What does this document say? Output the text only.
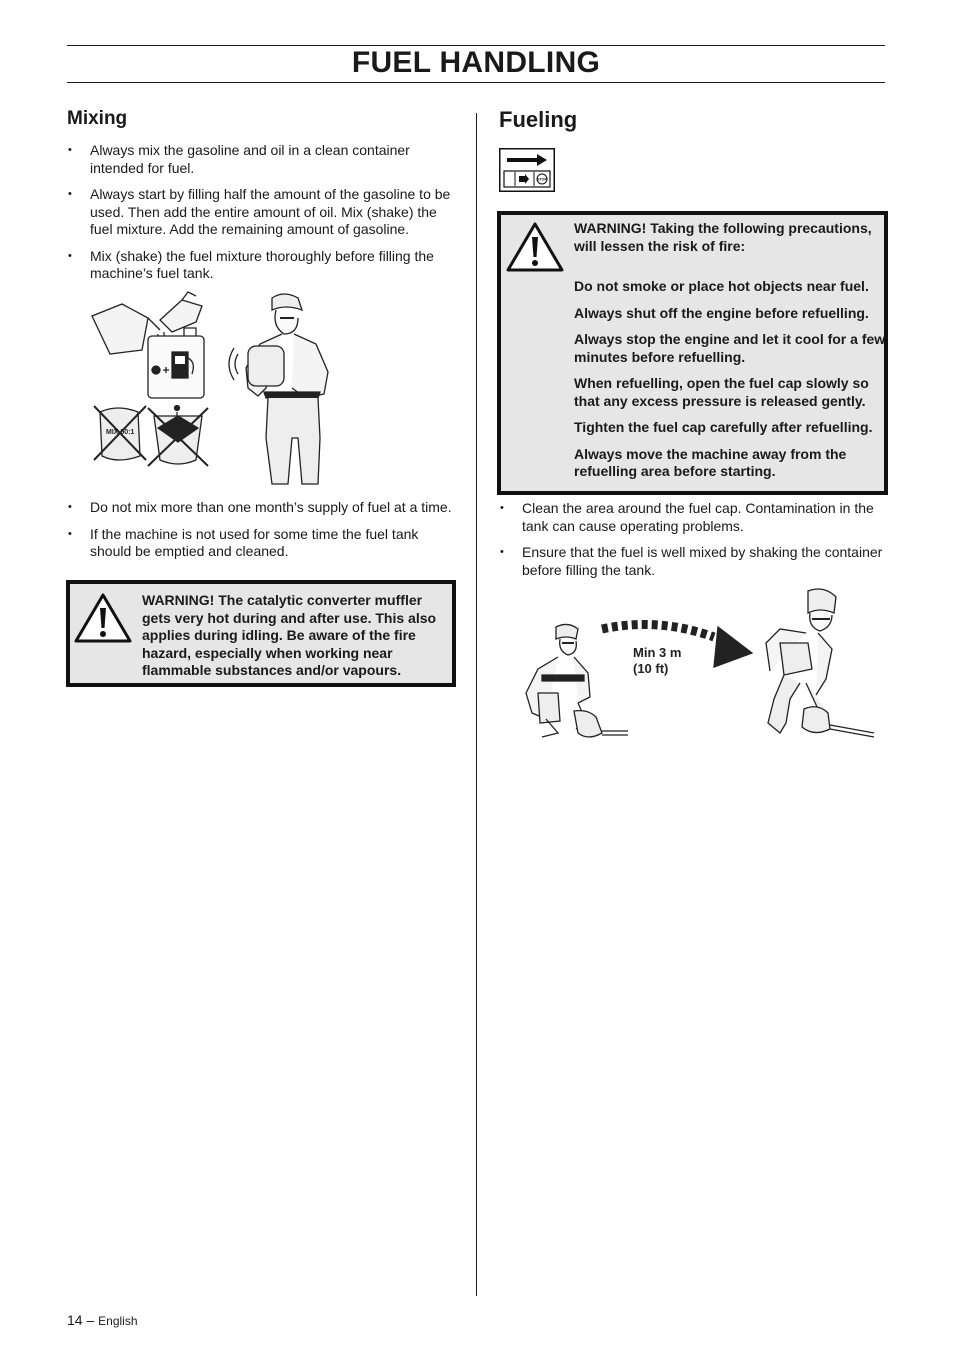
FUEL HANDLING
Mixing
• Always mix the gasoline and oil in a clean container intended for fuel.
• Always start by filling half the amount of the gasoline to be used. Then add the entire amount of oil. Mix (shake) the fuel mixture. Add the remaining amount of gasoline.
• Mix (shake) the fuel mixture thoroughly before filling the machine’s fuel tank.
MIX 50:1
• Do not mix more than one month’s supply of fuel at a time.
• If the machine is not used for some time the fuel tank should be emptied and cleaned.

WARNING! The catalytic converter muffler gets very hot during and after use. This also applies during idling. Be aware of the fire hazard, especially when working near flammable substances and/or vapours.

Fueling
STOP

WARNING! Taking the following precautions, will lessen the risk of fire:

Do not smoke or place hot objects near fuel.

Always shut off the engine before refuelling.

Always stop the engine and let it cool for a few minutes before refuelling.

When refuelling, open the fuel cap slowly so that any excess pressure is released gently.

Tighten the fuel cap carefully after refuelling.

Always move the machine away from the refuelling area before starting.

• Clean the area around the fuel cap. Contamination in the tank can cause operating problems.
• Ensure that the fuel is well mixed by shaking the container before filling the tank.
Min 3 m
(10 ft)
14 – English
